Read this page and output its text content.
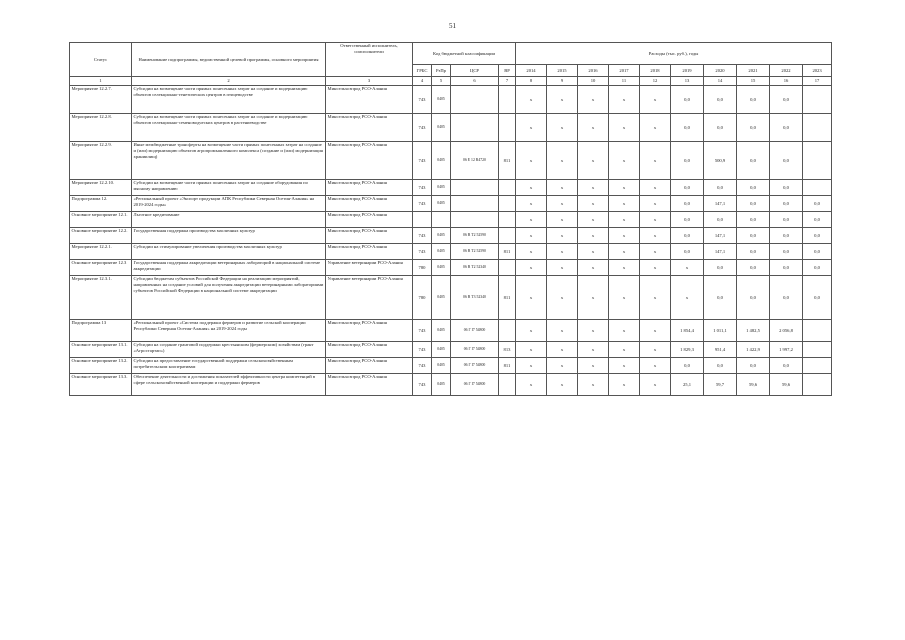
51
Статус	Наименование подпрограммы, ведомственной целевой программы, основного мероприятия	Ответственный исполнитель, соисполнители	Код бюджетной классификации				Расходы (тыс. руб.), годы									
			ГРБС	РзПр	ЦСР	ВР	2014	2015	2016	2017	2018	2019	2020	2021	2022	2023
1	2	3	4	5	6	7	8	9	10	11	12	13	14	15	16	17
Мероприятие 12.2.7.	Субсидии на возмещение части прямых понесенных затрат на создание и модернизацию объектов селекционно-генетических центров в птицеводстве	Минсельхозпрод РСО-Алания	743	0405			x	x	x	x	x	0,0	0,0	0,0	0,0	
Мероприятие 12.2.8.	Субсидии на возмещение части прямых понесенных затрат на создание и модернизацию объектов селекционно-семеноводческих центров в растениеводстве	Минсельхозпрод РСО-Алания	743	0405			x	x	x	x	x	0,0	0,0	0,0	0,0	
Мероприятие 12.2.9.	Иные межбюджетные трансферты на возмещение части прямых понесенных затрат на создание и (или) модернизацию объектов агропромышленного комплекса (создание и (или) модернизация храниилищ)	Минсельхозпрод РСО-Алания	743	0405	06 Е 12 R4720	811	x	x	x	x	x	0,0	500,9	0,0	0,0	
Мероприятие 12.2.10.	Субсидии на возмещение части прямых понесенных затрат на создание оборудования по мясному направлению	Минсельхозпрод РСО-Алания	743	0405			x	x	x	x	x	0,0	0,0	0,0	0,0	
Подпрограмма 12.	«Региональный проект «Экспорт продукции АПК Республики Северная Осетия-Алания» на 2019-2024 годы»	Минсельхозпрод РСО-Алания	743	0405			x	x	x	x	x	0,0	147,1	0,0	0,0	0,0
Основное мероприятие 12.1.	Льготное кредитование	Минсельхозпрод РСО-Алания					x	x	x	x	x	0,0	0,0	0,0	0,0	0,0
Основное мероприятие 12.2.	Государственная поддержка производства масличных культур	Минсельхозпрод РСО-Алания	743	0405	06 В Т2 52590		x	x	x	x	x	0,0	147,1	0,0	0,0	0,0
Мероприятие 12.2.1.	Субсидии на стимулирование увеличения производства масличных культур	Минсельхозпрод РСО-Алания	743	0405	06 В Т2 52590	811	x	x	x	x	x	0,0	147,1	0,0	0,0	0,0
Основное мероприятие 12.3	Государственная поддержка аккредитации ветеринарных лабораторий в национальной системе аккредитации	Управление ветеринарии РСО-Алания	780	0405	06 В Т2 52340		x	x	x	x	x	x	0,0	0,0	0,0	0,0
Мероприятие 12.3.1.	Субсидии бюджетам субъектов Российской Федерации на реализацию мероприятий, направленных на создание условий для получения аккредитации ветеринарными лабораториями субъектов Российской Федерации в национальной системе аккредитации	Управление ветеринарии РСО-Алания	780	0405	06 В Т3 52340	811	x	x	x	x	x	x	0,0	0,0	0,0	0,0
Подпрограмма 13	«Региональный проект «Система поддержки фермеров и развитие сельской кооперации Республики Северная Осетия-Алания» на 2019-2024 годы	Минсельхозпрод РСО-Алания	743	0405	06 Г I7 54800		x	x	x	x	x	1 854,4	1 011,1	1 482,5	2 056,8	
Основное мероприятие 13.1.	Субсидии на создание грантовой поддержки крестьянским (фермерским) хозяйствам (грант «Агростартап»)	Минсельхозпрод РСО-Алания	743	0405	06 Г I7 54800	813	x	x	x	x	x	1 829,3	951,4	1 422,9	1 997,2	
Основное мероприятие 13.2.	Субсидии на предоставление государственной поддержки сельскохозяйственным потребительским кооперативам	Минсельхозпрод РСО-Алания	743	0405	06 Г I7 54800	811	x	x	x	x	x	0,0	0,0	0,0	0,0	
Основное мероприятие 13.3.	Обеспечение деятельности и достижения показателей эффективности центра компетенций в сфере сельскохозяйственной кооперации и поддержки фермеров	Минсельхозпрод РСО-Алания	743	0405	06 Г I7 54800		x	x	x	x	x	25,1	59,7	59,6	59,6	
